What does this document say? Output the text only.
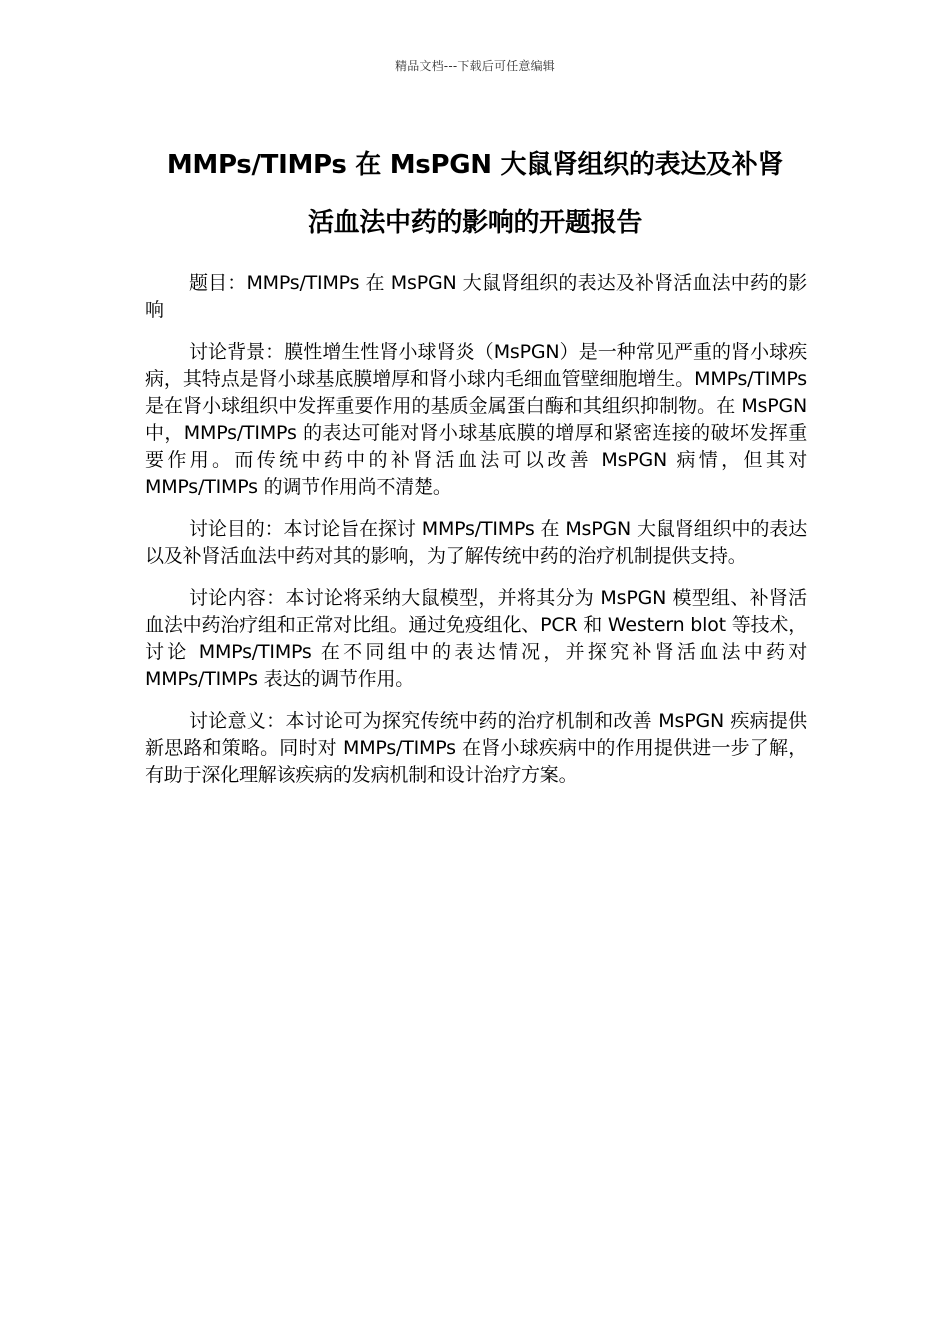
精品文档---下载后可任意编辑
MMPs/TIMPs 在 MsPGN 大鼠肾组织的表达及补肾
活血法中药的影响的开题报告

题目：MMPs/TIMPs 在 MsPGN 大鼠肾组织的表达及补肾活血法中药的影响

讨论背景：膜性增生性肾小球肾炎（MsPGN）是一种常见严重的肾小球疾病，其特点是肾小球基底膜增厚和肾小球内毛细血管壁细胞增生。MMPs/TIMPs 是在肾小球组织中发挥重要作用的基质金属蛋白酶和其组织抑制物。在 MsPGN 中，MMPs/TIMPs 的表达可能对肾小球基底膜的增厚和紧密连接的破坏发挥重要作用。而传统中药中的补肾活血法可以改善 MsPGN 病情，但其对 MMPs/TIMPs 的调节作用尚不清楚。

讨论目的：本讨论旨在探讨 MMPs/TIMPs 在 MsPGN 大鼠肾组织中的表达以及补肾活血法中药对其的影响，为了解传统中药的治疗机制提供支持。

讨论内容：本讨论将采纳大鼠模型，并将其分为 MsPGN 模型组、补肾活血法中药治疗组和正常对比组。通过免疫组化、PCR 和 Western blot 等技术，讨论 MMPs/TIMPs 在不同组中的表达情况，并探究补肾活血法中药对 MMPs/TIMPs 表达的调节作用。

讨论意义：本讨论可为探究传统中药的治疗机制和改善 MsPGN 疾病提供新思路和策略。同时对 MMPs/TIMPs 在肾小球疾病中的作用提供进一步了解，有助于深化理解该疾病的发病机制和设计治疗方案。
